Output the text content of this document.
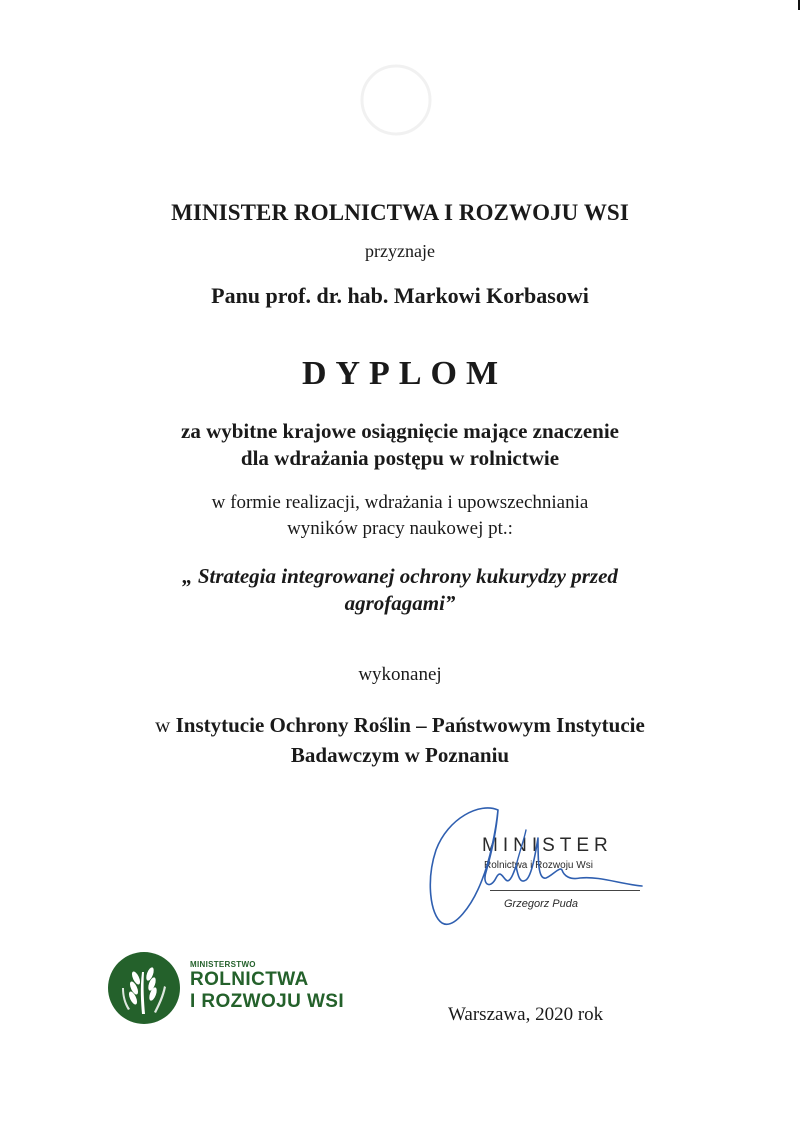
MINISTER ROLNICTWA I ROZWOJU WSI
przyznaje
Panu prof. dr. hab. Markowi Korbasowi
DYPLOM
za wybitne krajowe osiągnięcie mające znaczenie
dla wdrażania postępu w rolnictwie
w formie realizacji, wdrażania i upowszechniania
wyników pracy naukowej pt.:
„ Strategia integrowanej ochrony kukurydzy przed
agrofagami”
wykonanej
w Instytucie Ochrony Roślin – Państwowym Instytucie
Badawczym w Poznaniu
MINISTER
Rolnictwa i Rozwoju Wsi
Grzegorz Puda
MINISTERSTWO
ROLNICTWA
I ROZWOJU WSI
Warszawa, 2020 rok
